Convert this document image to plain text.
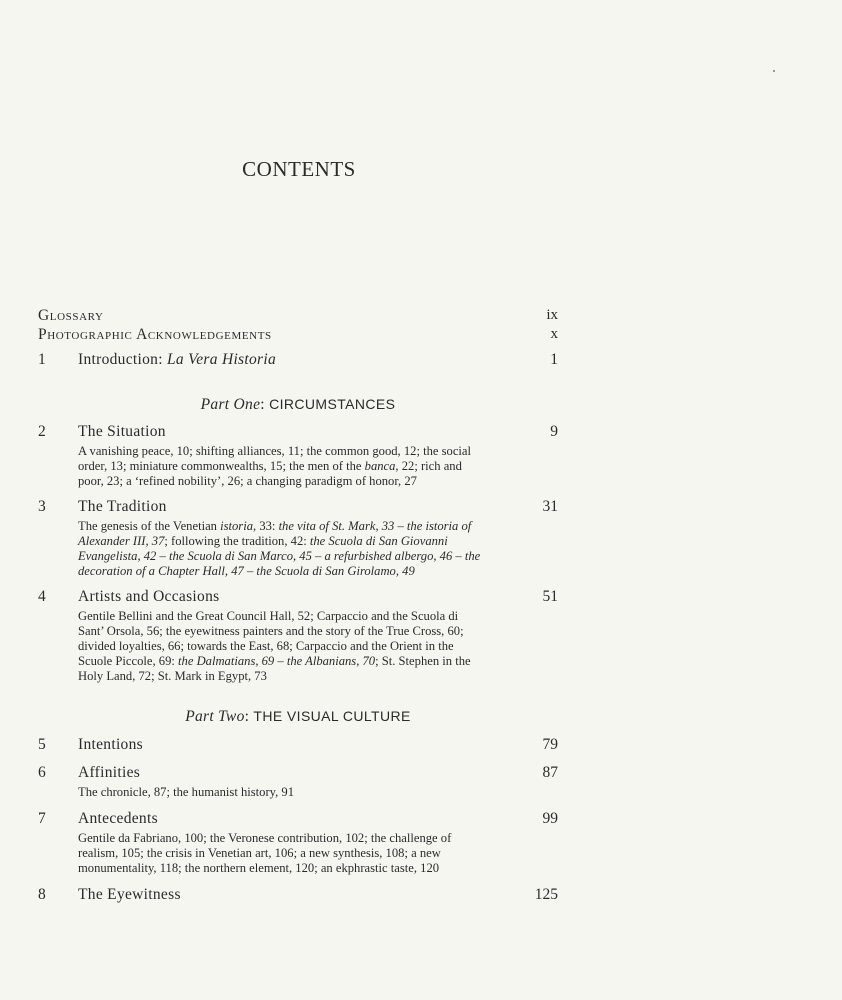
CONTENTS
Glossary	ix
Photographic Acknowledgements	x
1 Introduction: La Vera Historia	1
Part One: CIRCUMSTANCES
2 The Situation	9
A vanishing peace, 10; shifting alliances, 11; the common good, 12; the social
order, 13; miniature commonwealths, 15; the men of the banca, 22; rich and
poor, 23; a ‘refined nobility’, 26; a changing paradigm of honor, 27
3 The Tradition	31
The genesis of the Venetian istoria, 33: the vita of St. Mark, 33 – the istoria of
Alexander III, 37; following the tradition, 42: the Scuola di San Giovanni
Evangelista, 42 – the Scuola di San Marco, 45 – a refurbished albergo, 46 – the
decoration of a Chapter Hall, 47 – the Scuola di San Girolamo, 49
4 Artists and Occasions	51
Gentile Bellini and the Great Council Hall, 52; Carpaccio and the Scuola di
Sant’ Orsola, 56; the eyewitness painters and the story of the True Cross, 60;
divided loyalties, 66; towards the East, 68; Carpaccio and the Orient in the
Scuole Piccole, 69: the Dalmatians, 69 – the Albanians, 70; St. Stephen in the
Holy Land, 72; St. Mark in Egypt, 73
Part Two: THE VISUAL CULTURE
5 Intentions	79
6 Affinities	87
The chronicle, 87; the humanist history, 91
7 Antecedents	99
Gentile da Fabriano, 100; the Veronese contribution, 102; the challenge of
realism, 105; the crisis in Venetian art, 106; a new synthesis, 108; a new
monumentality, 118; the northern element, 120; an ekphrastic taste, 120
8 The Eyewitness	125
